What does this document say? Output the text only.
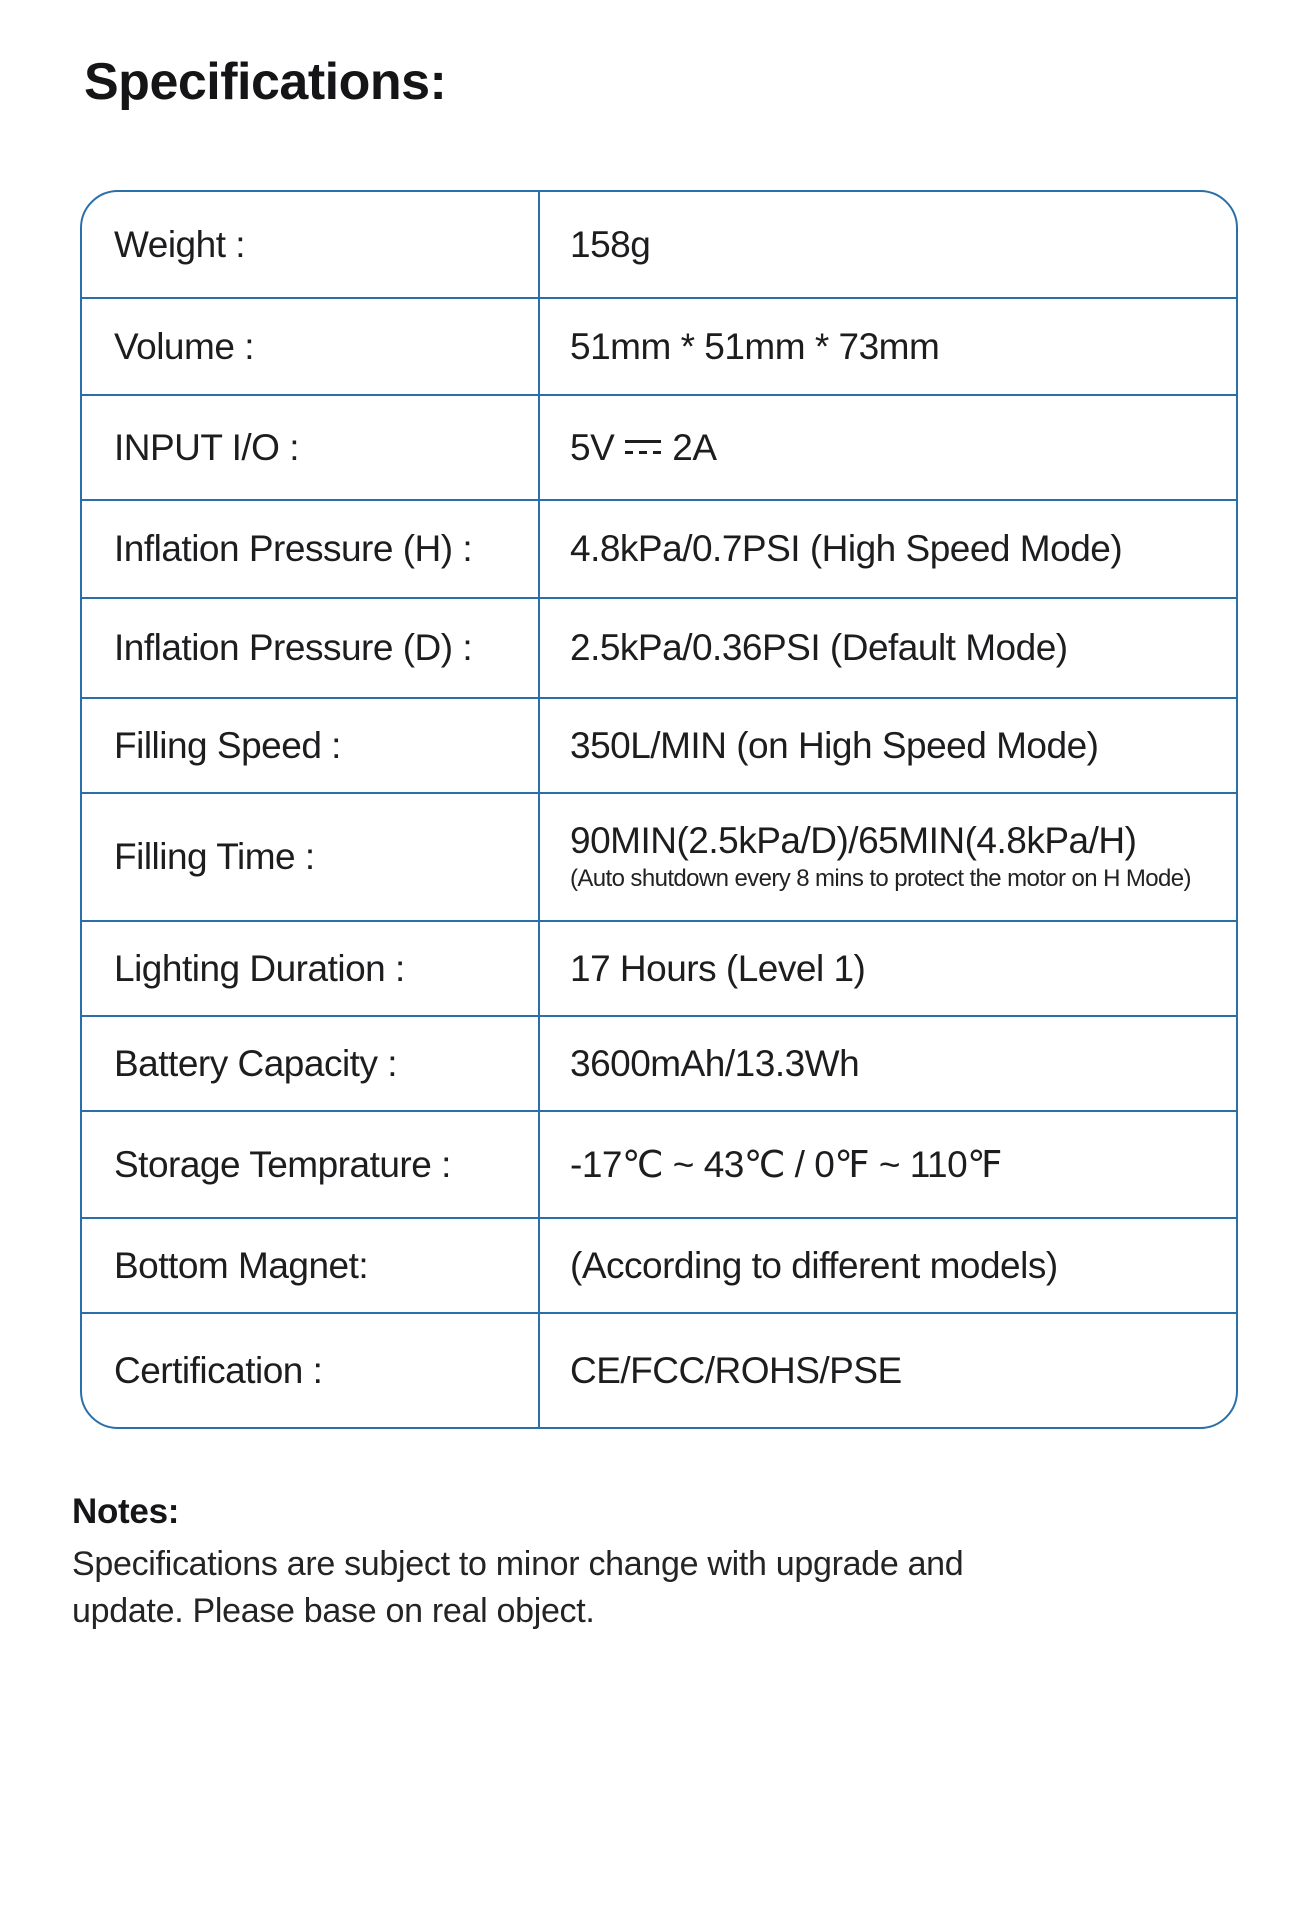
Specifications:
Weight :	158g
Volume :	51mm * 51mm * 73mm
INPUT I/O :	5V 2A
Inflation Pressure (H) :	4.8kPa/0.7PSI (High Speed Mode)
Inflation Pressure (D) :	2.5kPa/0.36PSI (Default Mode)
Filling Speed :	350L/MIN (on High Speed Mode)
Filling Time :	90MIN(2.5kPa/D)/65MIN(4.8kPa/H)
(Auto shutdown every 8 mins to protect the motor on H Mode)
Lighting Duration :	17 Hours (Level 1)
Battery Capacity :	3600mAh/13.3Wh
Storage Temprature :	-17℃ ~ 43℃ / 0℉ ~ 110℉
Bottom Magnet:	(According to different models)
Certification :	CE/FCC/ROHS/PSE
Notes:
Specifications are subject to minor change with upgrade and
update. Please base on real object.
